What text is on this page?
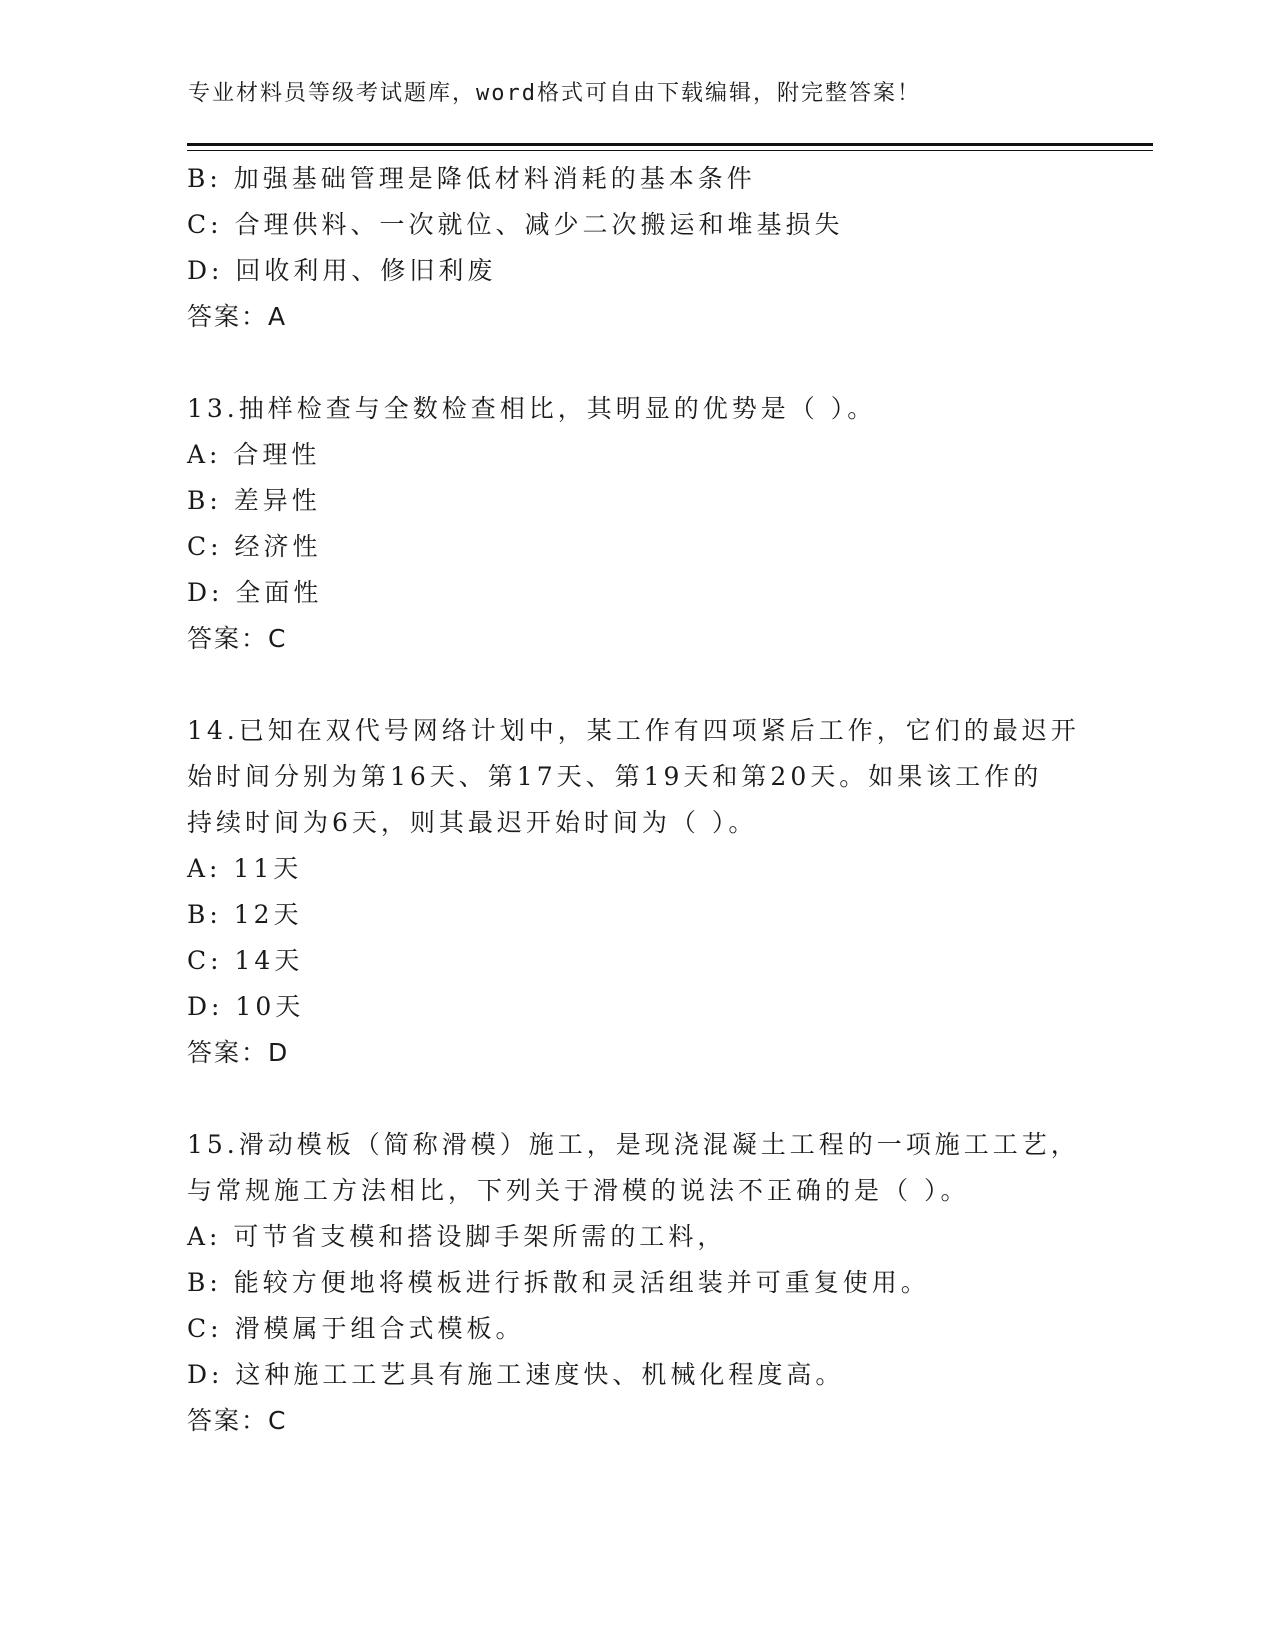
专业材料员等级考试题库，word格式可自由下载编辑，附完整答案！
B: 加强基础管理是降低材料消耗的基本条件
C: 合理供料、一次就位、减少二次搬运和堆基损失
D: 回收利用、修旧利废
答案：A
13.抽样检查与全数检查相比，其明显的优势是（ ）。
A: 合理性
B: 差异性
C: 经济性
D: 全面性
答案：C
14.已知在双代号网络计划中，某工作有四项紧后工作，它们的最迟开
始时间分别为第16天、第17天、第19天和第20天。如果该工作的
持续时间为6天，则其最迟开始时间为（ ）。
A: 11天
B: 12天
C: 14天
D: 10天
答案：D
15.滑动模板（简称滑模）施工，是现浇混凝土工程的一项施工工艺，
与常规施工方法相比，下列关于滑模的说法不正确的是（ ）。
A: 可节省支模和搭设脚手架所需的工料，
B: 能较方便地将模板进行拆散和灵活组装并可重复使用。
C: 滑模属于组合式模板。
D: 这种施工工艺具有施工速度快、机械化程度高。
答案：C
